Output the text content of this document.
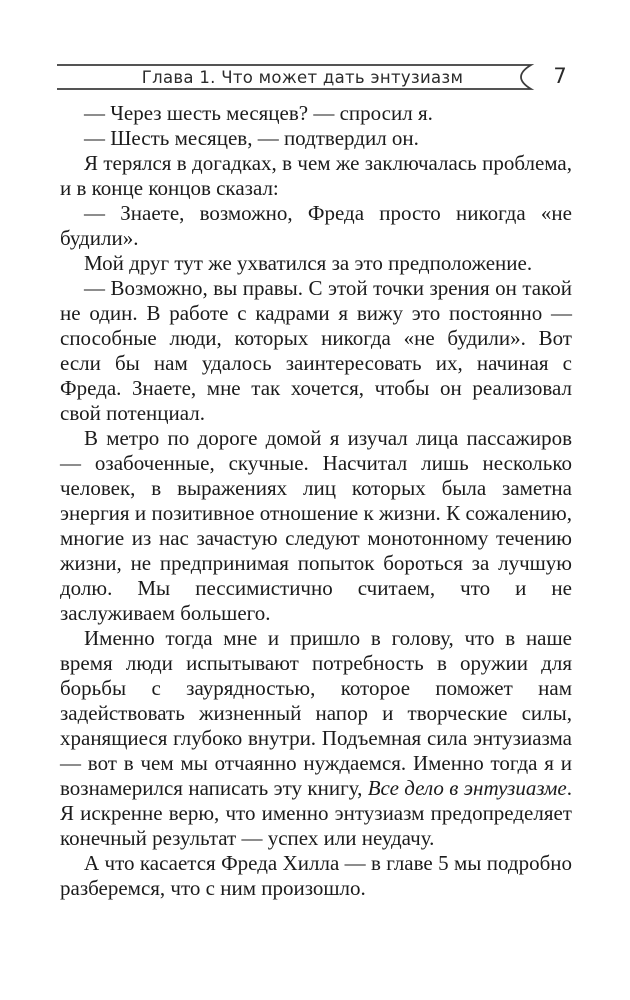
Глава 1. Что может дать энтузиазм	7

— Через шесть месяцев? — спросил я.

— Шесть месяцев, — подтвердил он.

Я терялся в догадках, в чем же заключалась проблема, и в конце концов сказал:

— Знаете, возможно, Фреда просто никогда «не будили».

Мой друг тут же ухватился за это предположение.

— Возможно, вы правы. С этой точки зрения он такой не один. В работе с кадрами я вижу это постоянно — способные люди, которых никогда «не будили». Вот если бы нам удалось заинтересовать их, начиная с Фреда. Знаете, мне так хочется, чтобы он реализовал свой потенциал.

В метро по дороге домой я изучал лица пассажиров — озабоченные, скучные. Насчитал лишь несколько человек, в выражениях лиц которых была заметна энергия и позитивное отношение к жизни. К сожалению, многие из нас зачастую следуют монотонному течению жизни, не предпринимая попыток бороться за лучшую долю. Мы пессимистично считаем, что и не заслуживаем большего.

Именно тогда мне и пришло в голову, что в наше время люди испытывают потребность в оружии для борьбы с заурядностью, которое поможет нам задействовать жизненный напор и творческие силы, хранящиеся глубоко внутри. Подъемная сила энтузиазма — вот в чем мы отчаянно нуждаемся. Именно тогда я и вознамерился написать эту книгу, Все дело в энтузиазме. Я искренне верю, что именно энтузиазм предопределяет конечный результат — успех или неудачу.

А что касается Фреда Хилла — в главе 5 мы подробно разберемся, что с ним произошло.
